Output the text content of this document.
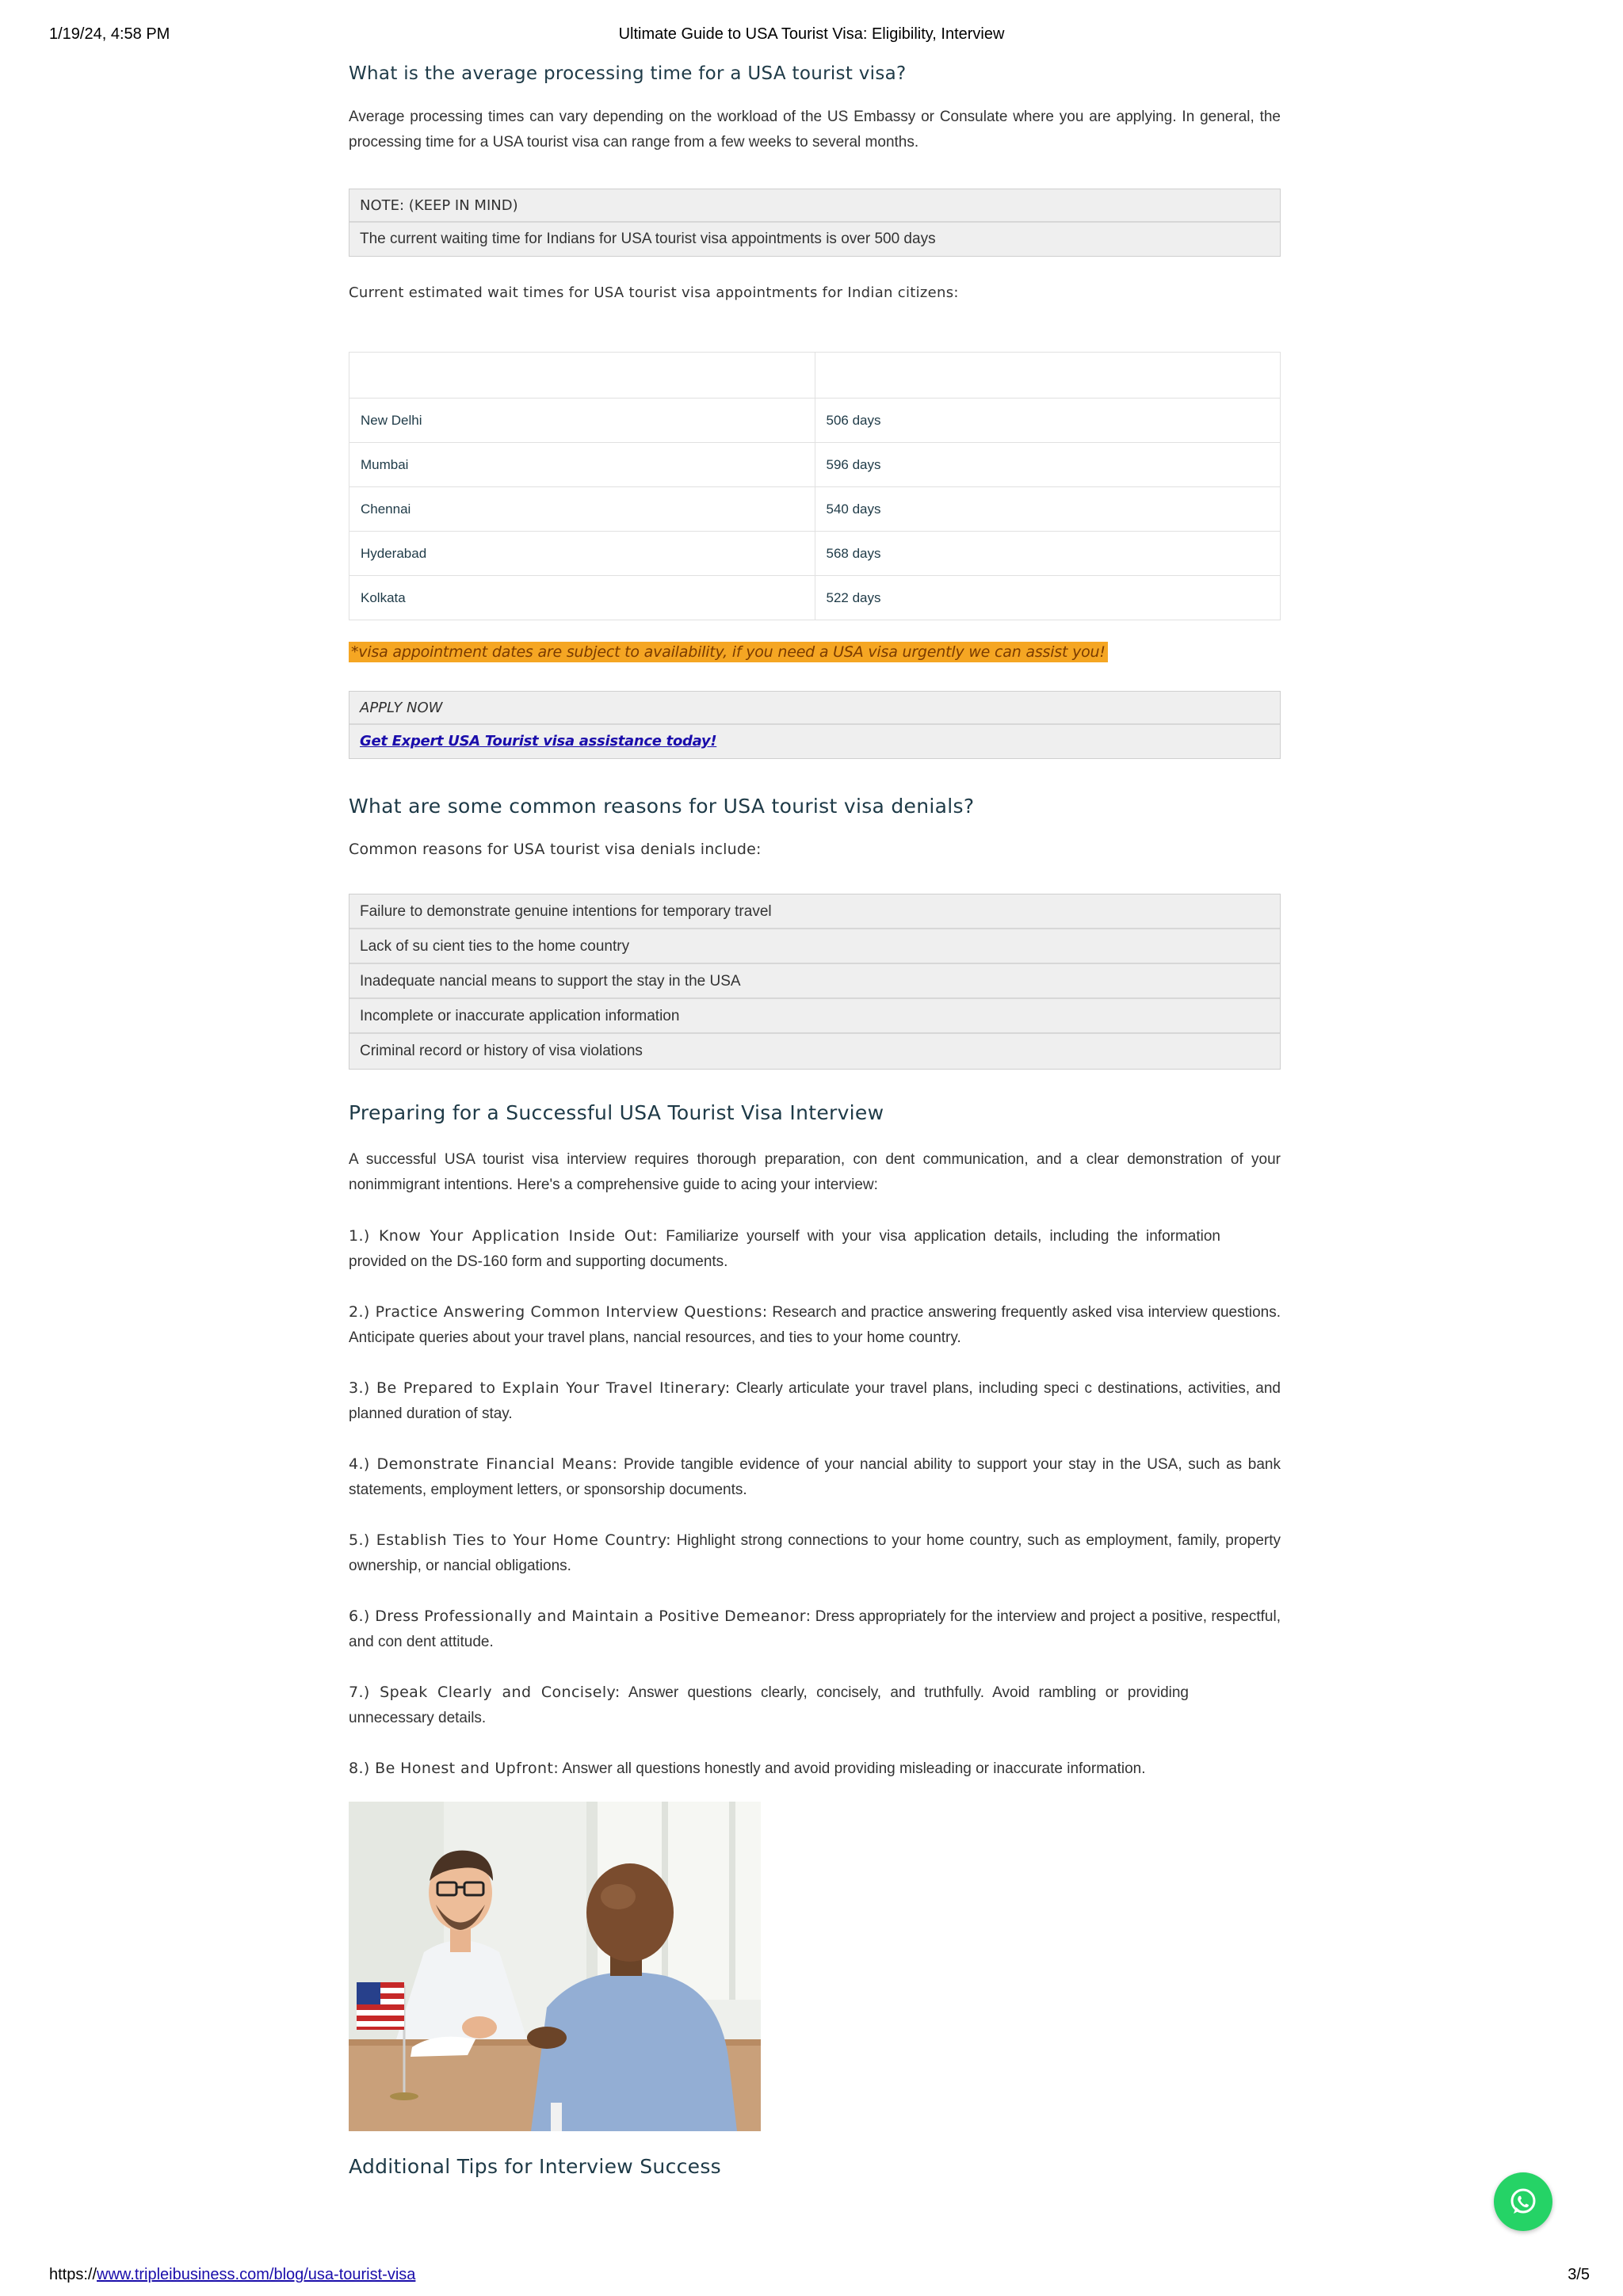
1/19/24, 4:58 PM	Ultimate Guide to USA Tourist Visa: Eligibility, Interview
What is the average processing time for a USA tourist visa?

Average processing times can vary depending on the workload of the US Embassy or Consulate where you are applying. In general, the processing time for a USA tourist visa can range from a few weeks to several months.

NOTE: (KEEP IN MIND)
The current waiting time for Indians for USA tourist visa appointments is over 500 days

Current estimated wait times for USA tourist visa appointments for Indian citizens:

New Delhi	506 days
Mumbai	596 days
Chennai	540 days
Hyderabad	568 days
Kolkata	522 days
*visa appointment dates are subject to availability, if you need a USA visa urgently we can assist you!
APPLY NOW
Get Expert USA Tourist visa assistance today!
What are some common reasons for USA tourist visa denials?

Common reasons for USA tourist visa denials include:

Failure to demonstrate genuine intentions for temporary travel
Lack of su cient ties to the home country
Inadequate nancial means to support the stay in the USA
Incomplete or inaccurate application information
Criminal record or history of visa violations
Preparing for a Successful USA Tourist Visa Interview

A successful USA tourist visa interview requires thorough preparation, con dent communication, and a clear demonstration of your nonimmigrant intentions. Here's a comprehensive guide to acing your interview:

1.) Know Your Application Inside Out: Familiarize yourself with your visa application details, including the information provided on the DS-160 form and supporting documents.

2.) Practice Answering Common Interview Questions: Research and practice answering frequently asked visa interview questions. Anticipate queries about your travel plans, nancial resources, and ties to your home country.

3.) Be Prepared to Explain Your Travel Itinerary: Clearly articulate your travel plans, including speci c destinations, activities, and planned duration of stay.

4.) Demonstrate Financial Means: Provide tangible evidence of your nancial ability to support your stay in the USA, such as bank statements, employment letters, or sponsorship documents.

5.) Establish Ties to Your Home Country: Highlight strong connections to your home country, such as employment, family, property ownership, or nancial obligations.

6.) Dress Professionally and Maintain a Positive Demeanor: Dress appropriately for the interview and project a positive, respectful, and con dent attitude.

7.) Speak Clearly and Concisely: Answer questions clearly, concisely, and truthfully. Avoid rambling or providing unnecessary details.

8.) Be Honest and Upfront: Answer all questions honestly and avoid providing misleading or inaccurate information.

Additional Tips for Interview Success
https://www.tripleibusiness.com/blog/usa-tourist-visa	3/5
